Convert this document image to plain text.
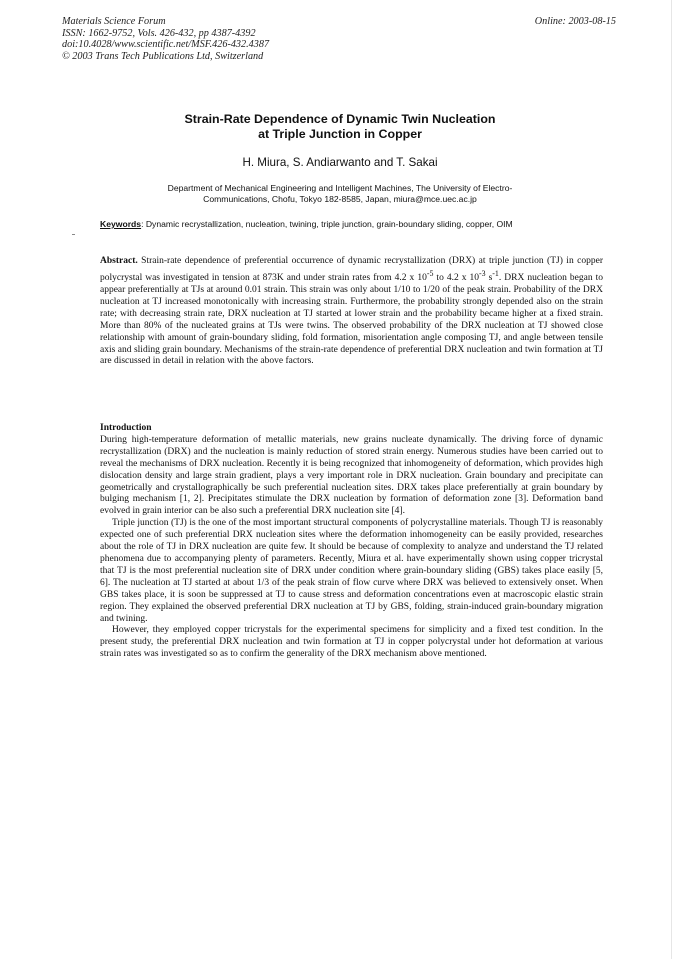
Materials Science Forum
ISSN: 1662-9752, Vols. 426-432, pp 4387-4392
doi:10.4028/www.scientific.net/MSF.426-432.4387
© 2003 Trans Tech Publications Ltd, Switzerland
Online: 2003-08-15
Strain-Rate Dependence of Dynamic Twin Nucleation
at Triple Junction in Copper
H. Miura, S. Andiarwanto and T. Sakai
Department of Mechanical Engineering and Intelligent Machines, The University of Electro-
Communications, Chofu, Tokyo 182-8585, Japan, miura@mce.uec.ac.jp
Keywords: Dynamic recrystallization, nucleation, twining, triple junction, grain-boundary sliding, copper, OIM

Abstract. Strain-rate dependence of preferential occurrence of dynamic recrystallization (DRX) at triple junction (TJ) in copper polycrystal was investigated in tension at 873K and under strain rates from 4.2 x $10^{-5}$ to 4.2 x $10^{-3}$ $s^{-1}$. DRX nucleation began to appear preferentially at TJs at around 0.01 strain. This strain was only about 1/10 to 1/20 of the peak strain. Probability of the DRX nucleation at TJ increased monotonically with increasing strain. Furthermore, the probability strongly depended also on the strain rate; with decreasing strain rate, DRX nucleation at TJ started at lower strain and the probability became higher at a fixed strain. More than 80% of the nucleated grains at TJs were twins. The observed probability of the DRX nucleation at TJ showed close relationship with amount of grain-boundary sliding, fold formation, misorientation angle composing TJ, and angle between tensile axis and sliding grain boundary. Mechanisms of the strain-rate dependence of preferential DRX nucleation and twin formation at TJ are discussed in detail in relation with the above factors.

Introduction

During high-temperature deformation of metallic materials, new grains nucleate dynamically. The driving force of dynamic recrystallization (DRX) and the nucleation is mainly reduction of stored strain energy. Numerous studies have been carried out to reveal the mechanisms of DRX nucleation. Recently it is being recognized that inhomogeneity of deformation, which provides high dislocation density and large strain gradient, plays a very important role in DRX nucleation. Grain boundary and precipitate can geometrically and crystallographically be such preferential nucleation sites. DRX takes place preferentially at grain boundary by bulging mechanism [1, 2]. Precipitates stimulate the DRX nucleation by formation of deformation zone [3]. Deformation band evolved in grain interior can be also such a preferential DRX nucleation site [4].

Triple junction (TJ) is the one of the most important structural components of polycrystalline materials. Though TJ is reasonably expected one of such preferential DRX nucleation sites where the deformation inhomogeneity can be easily provided, researches about the role of TJ in DRX nucleation are quite few. It should be because of complexity to analyze and understand the TJ related phenomena due to accompanying plenty of parameters. Recently, Miura et al. have experimentally shown using copper tricrystal that TJ is the most preferential nucleation site of DRX under condition where grain-boundary sliding (GBS) takes place easily [5, 6]. The nucleation at TJ started at about 1/3 of the peak strain of flow curve where DRX was believed to extensively onset. When GBS takes place, it is soon be suppressed at TJ to cause stress and deformation concentrations even at macroscopic elastic strain region. They explained the observed preferential DRX nucleation at TJ by GBS, folding, strain-induced grain-boundary migration and twining.

However, they employed copper tricrystals for the experimental specimens for simplicity and a fixed test condition. In the present study, the preferential DRX nucleation and twin formation at TJ in copper polycrystal under hot deformation at various strain rates was investigated so as to confirm the generality of the DRX mechanism above mentioned.
